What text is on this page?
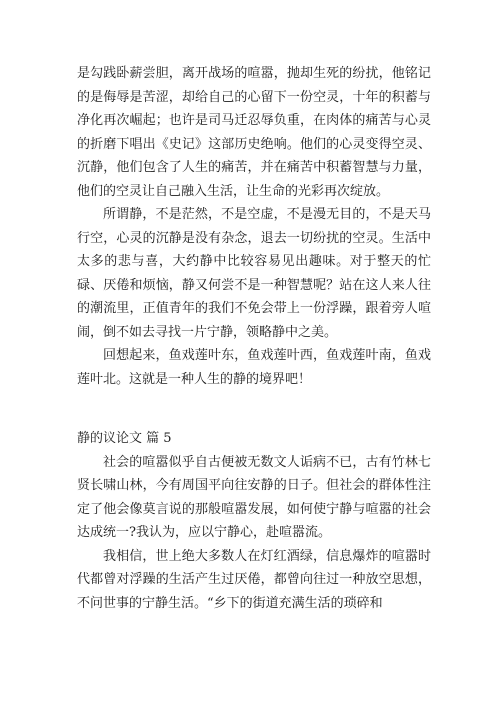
是勾践卧薪尝胆，离开战场的喧嚣，抛却生死的纷扰，他铭记的是侮辱是苦涩，却给自己的心留下一份空灵，十年的积蓄与净化再次崛起；也许是司马迁忍辱负重，在肉体的痛苦与心灵的折磨下唱出《史记》这部历史绝响。他们的心灵变得空灵、沉静，他们包含了人生的痛苦，并在痛苦中积蓄智慧与力量，他们的空灵让自己融入生活，让生命的光彩再次绽放。

所谓静，不是茫然，不是空虚，不是漫无目的，不是天马行空，心灵的沉静是没有杂念，退去一切纷扰的空灵。生活中太多的悲与喜，大约静中比较容易见出趣味。对于整天的忙碌、厌倦和烦恼，静又何尝不是一种智慧呢？站在这人来人往的潮流里，正值青年的我们不免会带上一份浮躁，跟着旁人喧闹，倒不如去寻找一片宁静，领略静中之美。

回想起来，鱼戏莲叶东，鱼戏莲叶西，鱼戏莲叶南，鱼戏莲叶北。这就是一种人生的静的境界吧！

静的议论文 篇 5

社会的喧嚣似乎自古便被无数文人诟病不已，古有竹林七贤长啸山林，今有周国平向往安静的日子。但社会的群体性注定了他会像莫言说的那般喧嚣发展，如何使宁静与喧嚣的社会达成统一?我认为，应以宁静心，赴喧嚣流。

我相信，世上绝大多数人在灯红酒绿，信息爆炸的喧嚣时代都曾对浮躁的生活产生过厌倦，都曾向往过一种放空思想，不问世事的宁静生活。“乡下的街道充满生活的琐碎和
